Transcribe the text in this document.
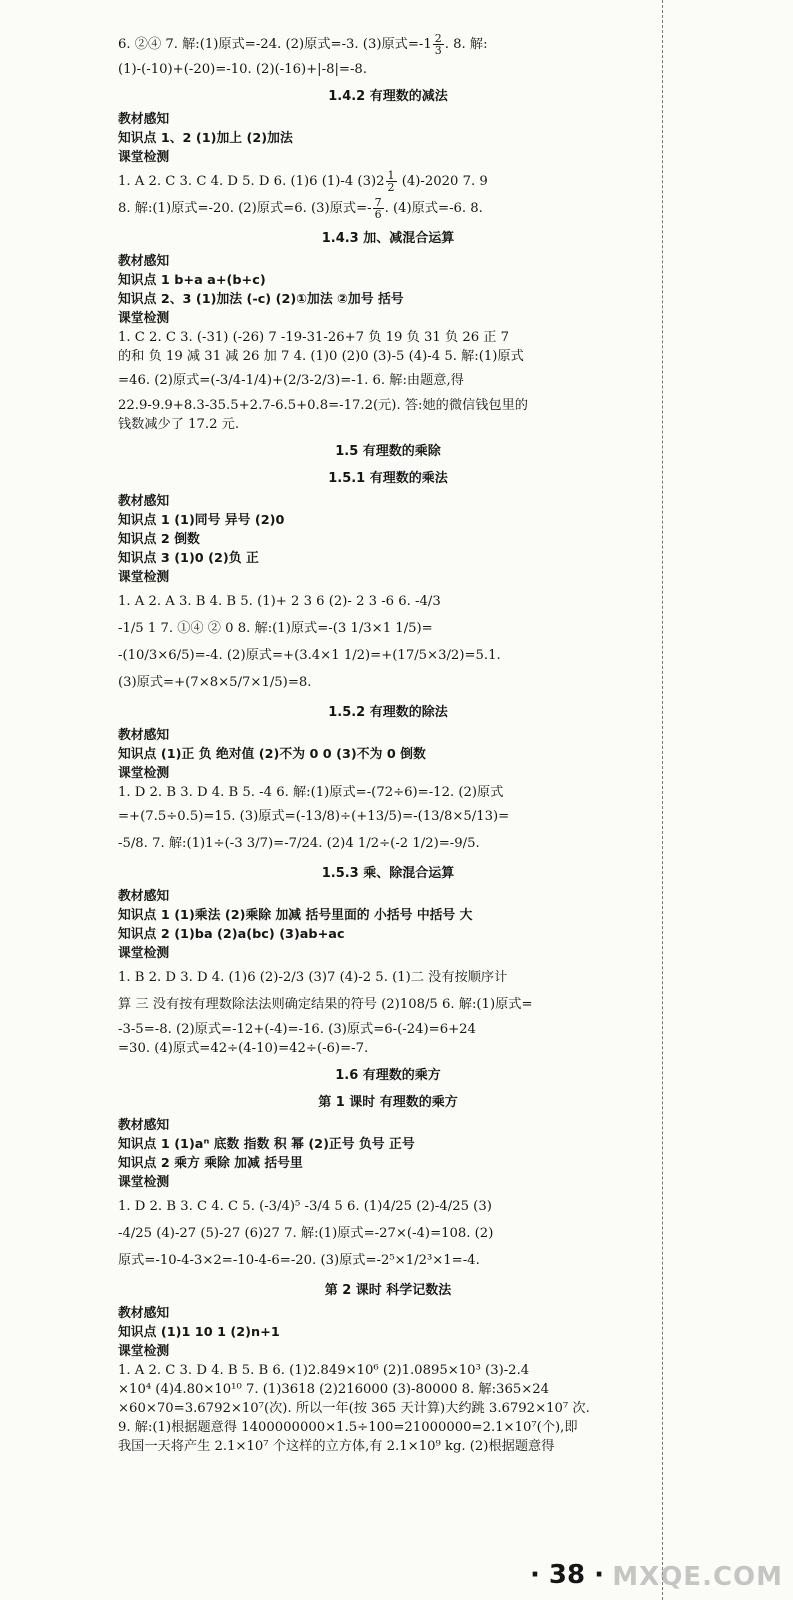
6. ②④ 7. 解:(1)原式=-24. (2)原式=-3. (3)原式$=-1 \frac{2}{3}$ . 8. 解:
(1)-(-10)+(-20)=-10. (2)(-16)+|-8|=-8.
1.4.2 有理数的减法
教材感知
知识点 1、2 (1)加上 (2)加法
课堂检测
1. A 2. C 3. C 4. D 5. D 6. (1)6 (1)-4 $(3)2 \frac{1}{2} (4)-2020$ 7. 9
8. 解:(1)原式=-20. (2)原式=6. (3)原式=- $\frac{7}{6}$ . (4)原式=-6. 8.
1.4.3 加、减混合运算
教材感知
知识点 1 b+a a+(b+c)
知识点 2、3 (1)加法 (-c) (2)①加法 ②加号 括号
课堂检测
1. C 2. C 3. (-31) (-26) 7 -19-31-26+7 负 19 负 31 负 26 正 7
的和 负 19 减 31 减 26 加 7 4. (1)0 (2)0 (3)-5 (4)-4 5. 解:(1)原式
=46. (2)原式=(-3/4-1/4)+(2/3-2/3)=-1. 6. 解:由题意,得
22.9-9.9+8.3-35.5+2.7-6.5+0.8=-17.2(元). 答:她的微信钱包里的
钱数减少了 17.2 元.
1.5 有理数的乘除
1.5.1 有理数的乘法
教材感知
知识点 1 (1)同号 异号 (2)0
知识点 2 倒数
知识点 3 (1)0 (2)负 正
课堂检测
1. A 2. A 3. B 4. B 5. (1)+ 2 3 6 (2)- 2 3 -6 6. -4/3
-1/5 1 7. ①④ ② 0 8. 解:(1)原式=-(3 1/3×1 1/5)=
-(10/3×6/5)=-4. (2)原式=+(3.4×1 1/2)=+(17/5×3/2)=5.1.
(3)原式=+(7×8×5/7×1/5)=8.
1.5.2 有理数的除法
教材感知
知识点 (1)正 负 绝对值 (2)不为 0 0 (3)不为 0 倒数
课堂检测
1. D 2. B 3. D 4. B 5. -4 6. 解:(1)原式=-(72÷6)=-12. (2)原式
=+(7.5÷0.5)=15. (3)原式=(-13/8)÷(+13/5)=-(13/8×5/13)=
-5/8. 7. 解:(1)1÷(-3 3/7)=-7/24. (2)4 1/2÷(-2 1/2)=-9/5.
1.5.3 乘、除混合运算
教材感知
知识点 1 (1)乘法 (2)乘除 加减 括号里面的 小括号 中括号 大
知识点 2 (1)ba (2)a(bc) (3)ab+ac
课堂检测
1. B 2. D 3. D 4. (1)6 (2)-2/3 (3)7 (4)-2 5. (1)二 没有按顺序计
算 三 没有按有理数除法法则确定结果的符号 (2)108/5 6. 解:(1)原式=
-3-5=-8. (2)原式=-12+(-4)=-16. (3)原式=6-(-24)=6+24
=30. (4)原式=42÷(4-10)=42÷(-6)=-7.
1.6 有理数的乘方
第 1 课时 有理数的乘方
教材感知
知识点 1 (1)aⁿ 底数 指数 积 幂 (2)正号 负号 正号
知识点 2 乘方 乘除 加减 括号里
课堂检测
1. D 2. B 3. C 4. C 5. (-3/4)⁵ -3/4 5 6. (1)4/25 (2)-4/25 (3)
-4/25 (4)-27 (5)-27 (6)27 7. 解:(1)原式=-27×(-4)=108. (2)
原式=-10-4-3×2=-10-4-6=-20. (3)原式=-2⁵×1/2³×1=-4.
第 2 课时 科学记数法
教材感知
知识点 (1)1 10 1 (2)n+1
课堂检测
1. A 2. C 3. D 4. B 5. B 6. (1)2.849×10⁶ (2)1.0895×10³ (3)-2.4
×10⁴ (4)4.80×10¹⁰ 7. (1)3618 (2)216000 (3)-80000 8. 解:365×24
×60×70=3.6792×10⁷(次). 所以一年(按 365 天计算)大约跳 3.6792×10⁷ 次.
9. 解:(1)根据题意得 1400000000×1.5÷100=21000000=2.1×10⁷(个),即
我国一天将产生 2.1×10⁷ 个这样的立方体,有 2.1×10⁹ kg. (2)根据题意得
· 38 · MXQE.COM
